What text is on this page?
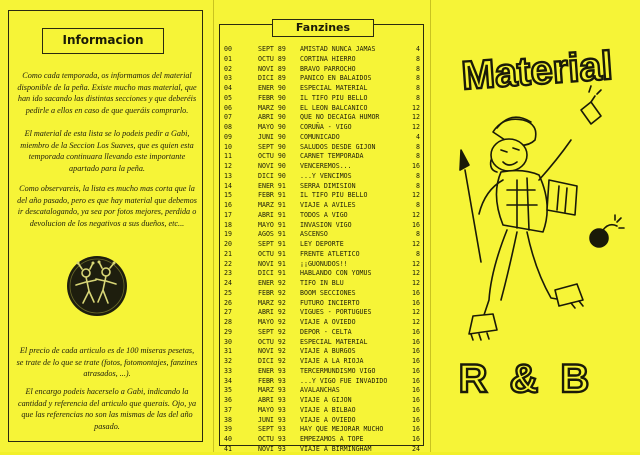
Informacion

Como cada temporada, os informamos del material disponible de la peña. Existe mucho mas material, que han ido sacando las distintas secciones y que deberéis pedirle a ellos en caso de que queráis comprarlo.

El material de esta lista se lo podeis pedir a Gabi, miembro de la Seccion Los Suaves, que es quien esta temporada continuara llevando este importante apartado para la peña.

Como observareis, la lista es mucho mas corta que la del año pasado, pero es que hay material que debemos ir descatalogando, ya sea por fotos mejores, perdida o devolucion de los negativos a sus dueños, etc...

El precio de cada articulo es de 100 miseras pesetas, se trate de lo que se trate (fotos, fotomontajes, fanzines atrasados, ...).

El encargo podeis hacerselo a Gabi, indicando la cantidad y referencia del articulo que querais. Ojo, ya que las referencias no son las mismas de las del año pasado.

Fanzines
00	SEPT 89 AMISTAD NUNCA JAMAS	4
01	OCTU 89 CORTINA HIERRO	8
02	NOVI 89 BRAVO PARROCHO	8
03	DICI 89 PANICO EN BALAIDOS	8
04	ENER 90 ESPECIAL MATERIAL	8
05	FEBR 90 IL TIFO PIU BELLO	8
06	MARZ 90 EL LEON BALCANICO	12
07	ABRI 90 QUE NO DECAIGA HUMOR	12
08	MAYO 90 CORUÑA - VIGO	12
09	JUNI 90 COMUNICADO	4
10	SEPT 90 SALUDOS DESDE GIJON	8
11	OCTU 90 CARNET TEMPORADA	8
12	NOVI 90 VENCEREMOS...	16
13	DICI 90 ...Y VENCIMOS	8
14	ENER 91 SERRA DIMISION	8
15	FEBR 91 IL TIFO PIU BELLO	12
16	MARZ 91 VIAJE A AVILES	8
17	ABRI 91 TODOS A VIGO	12
18	MAYO 91 INVASION VIGO	16
19	AGOS 91 ASCENSO	8
20	SEPT 91 LEY DEPORTE	12
21	OCTU 91 FRENTE ATLETICO	8
22	NOVI 91 ¡¡GUONUDOS!!	12
23	DICI 91 HABLANDO CON YOMUS	12
24	ENER 92 TIFO IN BLU	12
25	FEBR 92 BOOM SECCIONES	16
26	MARZ 92 FUTURO INCIERTO	16
27	ABRI 92 VIGUES - PORTUGUES	12
28	MAYO 92 VIAJE A OVIEDO	12
29	SEPT 92 DEPOR - CELTA	16
30	OCTU 92 ESPECIAL MATERIAL	16
31	NOVI 92 VIAJE A BURGOS	16
32	DICI 92 VIAJE A LA RIOJA	16
33	ENER 93 TERCERMUNDISMO VIGO	16
34	FEBR 93 ...Y VIGO FUE INVADIDO	16
35	MARZ 93 AVALANCHAS	16
36	ABRI 93 VIAJE A GIJON	16
37	MAYO 93 VIAJE A BILBAO	16
38	JUNI 93 VIAJE A OVIEDO	16
39	SEPT 93 HAY QUE MEJORAR MUCHO	16
40	OCTU 93 EMPEZAMOS A TOPE	16
41	NOVI 93 VIAJE A BIRMINGHAM	24
Material
R&B
